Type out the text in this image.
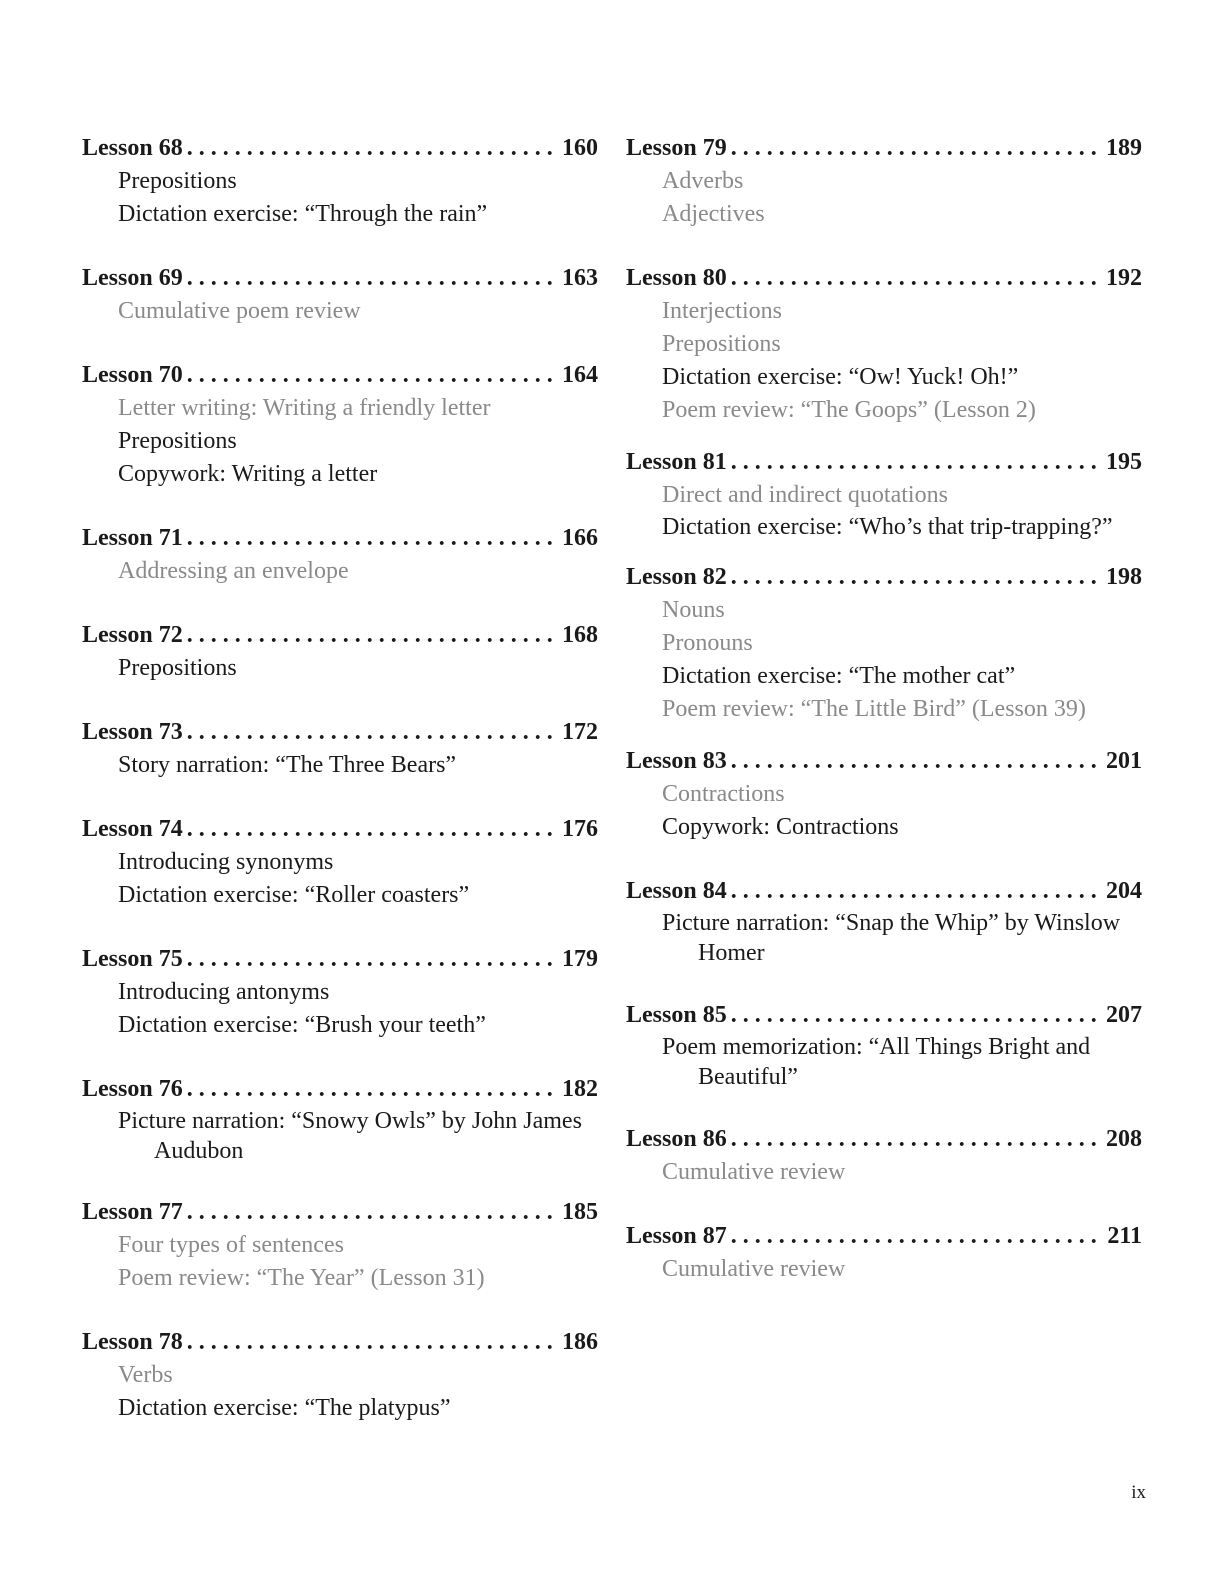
Lesson 68 . . .	160
Prepositions
Dictation exercise: “Through the rain”
Lesson 69 . . .	163
Cumulative poem review
Lesson 70 . . .	164
Letter writing: Writing a friendly letter
Prepositions
Copywork: Writing a letter
Lesson 71 . . .	166
Addressing an envelope
Lesson 72 . . .	168
Prepositions
Lesson 73 . . .	172
Story narration: “The Three Bears”
Lesson 74 . . .	176
Introducing synonyms
Dictation exercise: “Roller coasters”
Lesson 75 . . .	179
Introducing antonyms
Dictation exercise: “Brush your teeth”
Lesson 76 . . .	182
Picture narration: “Snowy Owls” by John James Audubon
Lesson 77 . . .	185
Four types of sentences
Poem review: “The Year” (Lesson 31)
Lesson 78 . . .	186
Verbs
Dictation exercise: “The platypus”
Lesson 79 . . .	189
Adverbs
Adjectives
Lesson 80 . . .	192
Interjections
Prepositions
Dictation exercise: “Ow! Yuck! Oh!”
Poem review: “The Goops” (Lesson 2)
Lesson 81 . . .	195
Direct and indirect quotations
Dictation exercise: “Who’s that trip-trapping?”
Lesson 82 . . .	198
Nouns
Pronouns
Dictation exercise: “The mother cat”
Poem review: “The Little Bird” (Lesson 39)
Lesson 83 . . .	201
Contractions
Copywork: Contractions
Lesson 84 . . .	204
Picture narration: “Snap the Whip” by Winslow Homer
Lesson 85 . . .	207
Poem memorization: “All Things Bright and Beautiful”
Lesson 86 . . .	208
Cumulative review
Lesson 87 . . .	211
Cumulative review
ix
